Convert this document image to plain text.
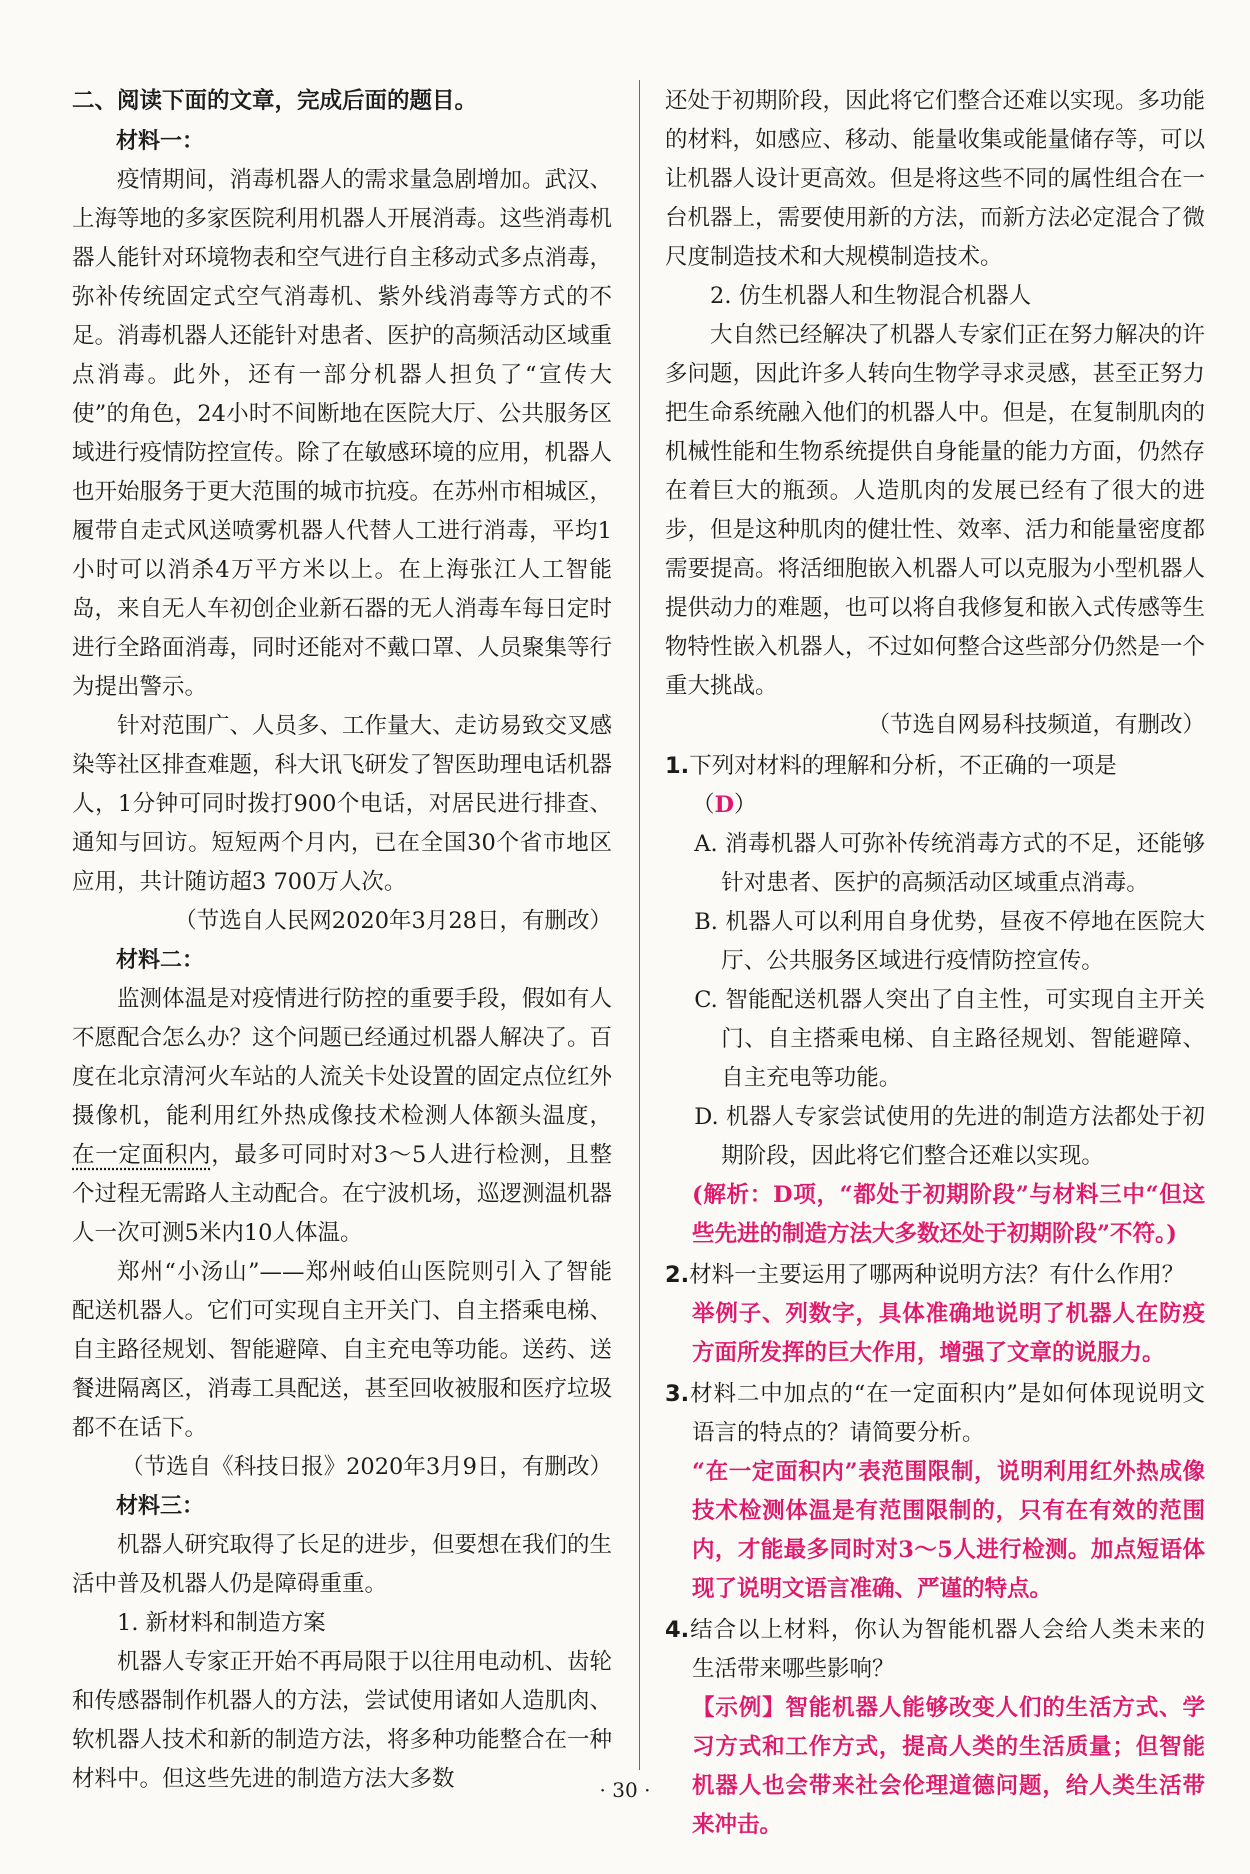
二、阅读下面的文章，完成后面的题目。

材料一：

疫情期间，消毒机器人的需求量急剧增加。武汉、上海等地的多家医院利用机器人开展消毒。这些消毒机器人能针对环境物表和空气进行自主移动式多点消毒，弥补传统固定式空气消毒机、紫外线消毒等方式的不足。消毒机器人还能针对患者、医护的高频活动区域重点消毒。此外，还有一部分机器人担负了“宣传大使”的角色，24小时不间断地在医院大厅、公共服务区域进行疫情防控宣传。除了在敏感环境的应用，机器人也开始服务于更大范围的城市抗疫。在苏州市相城区，履带自走式风送喷雾机器人代替人工进行消毒，平均1小时可以消杀4万平方米以上。在上海张江人工智能岛，来自无人车初创企业新石器的无人消毒车每日定时进行全路面消毒，同时还能对不戴口罩、人员聚集等行为提出警示。

针对范围广、人员多、工作量大、走访易致交叉感染等社区排查难题，科大讯飞研发了智医助理电话机器人，1分钟可同时拨打900个电话，对居民进行排查、通知与回访。短短两个月内，已在全国30个省市地区应用，共计随访超3 700万人次。

（节选自人民网2020年3月28日，有删改）

材料二：

监测体温是对疫情进行防控的重要手段，假如有人不愿配合怎么办？这个问题已经通过机器人解决了。百度在北京清河火车站的人流关卡处设置的固定点位红外摄像机，能利用红外热成像技术检测人体额头温度，在一定面积内，最多可同时对3～5人进行检测，且整个过程无需路人主动配合。在宁波机场，巡逻测温机器人一次可测5米内10人体温。

郑州“小汤山”——郑州岐伯山医院则引入了智能配送机器人。它们可实现自主开关门、自主搭乘电梯、自主路径规划、智能避障、自主充电等功能。送药、送餐进隔离区，消毒工具配送，甚至回收被服和医疗垃圾都不在话下。

（节选自《科技日报》2020年3月9日，有删改）

材料三：

机器人研究取得了长足的进步，但要想在我们的生活中普及机器人仍是障碍重重。

1. 新材料和制造方案

机器人专家正开始不再局限于以往用电动机、齿轮和传感器制作机器人的方法，尝试使用诸如人造肌肉、软机器人技术和新的制造方法，将多种功能整合在一种材料中。但这些先进的制造方法大多数

还处于初期阶段，因此将它们整合还难以实现。多功能的材料，如感应、移动、能量收集或能量储存等，可以让机器人设计更高效。但是将这些不同的属性组合在一台机器上，需要使用新的方法，而新方法必定混合了微尺度制造技术和大规模制造技术。

2. 仿生机器人和生物混合机器人

大自然已经解决了机器人专家们正在努力解决的许多问题，因此许多人转向生物学寻求灵感，甚至正努力把生命系统融入他们的机器人中。但是，在复制肌肉的机械性能和生物系统提供自身能量的能力方面，仍然存在着巨大的瓶颈。人造肌肉的发展已经有了很大的进步，但是这种肌肉的健壮性、效率、活力和能量密度都需要提高。将活细胞嵌入机器人可以克服为小型机器人提供动力的难题，也可以将自我修复和嵌入式传感等生物特性嵌入机器人，不过如何整合这些部分仍然是一个重大挑战。

（节选自网易科技频道，有删改）

1.下列对材料的理解和分析，不正确的一项是
（D）

A. 消毒机器人可弥补传统消毒方式的不足，还能够针对患者、医护的高频活动区域重点消毒。

B. 机器人可以利用自身优势，昼夜不停地在医院大厅、公共服务区域进行疫情防控宣传。

C. 智能配送机器人突出了自主性，可实现自主开关门、自主搭乘电梯、自主路径规划、智能避障、自主充电等功能。

D. 机器人专家尝试使用的先进的制造方法都处于初期阶段，因此将它们整合还难以实现。

(解析：D项，“都处于初期阶段”与材料三中“但这些先进的制造方法大多数还处于初期阶段”不符。)

2.材料一主要运用了哪两种说明方法？有什么作用？

举例子、列数字，具体准确地说明了机器人在防疫方面所发挥的巨大作用，增强了文章的说服力。

3.材料二中加点的“在一定面积内”是如何体现说明文语言的特点的？请简要分析。

“在一定面积内”表范围限制，说明利用红外热成像技术检测体温是有范围限制的，只有在有效的范围内，才能最多同时对3～5人进行检测。加点短语体现了说明文语言准确、严谨的特点。

4.结合以上材料，你认为智能机器人会给人类未来的生活带来哪些影响？

【示例】智能机器人能够改变人们的生活方式、学习方式和工作方式，提高人类的生活质量；但智能机器人也会带来社会伦理道德问题，给人类生活带来冲击。

· 30 ·
